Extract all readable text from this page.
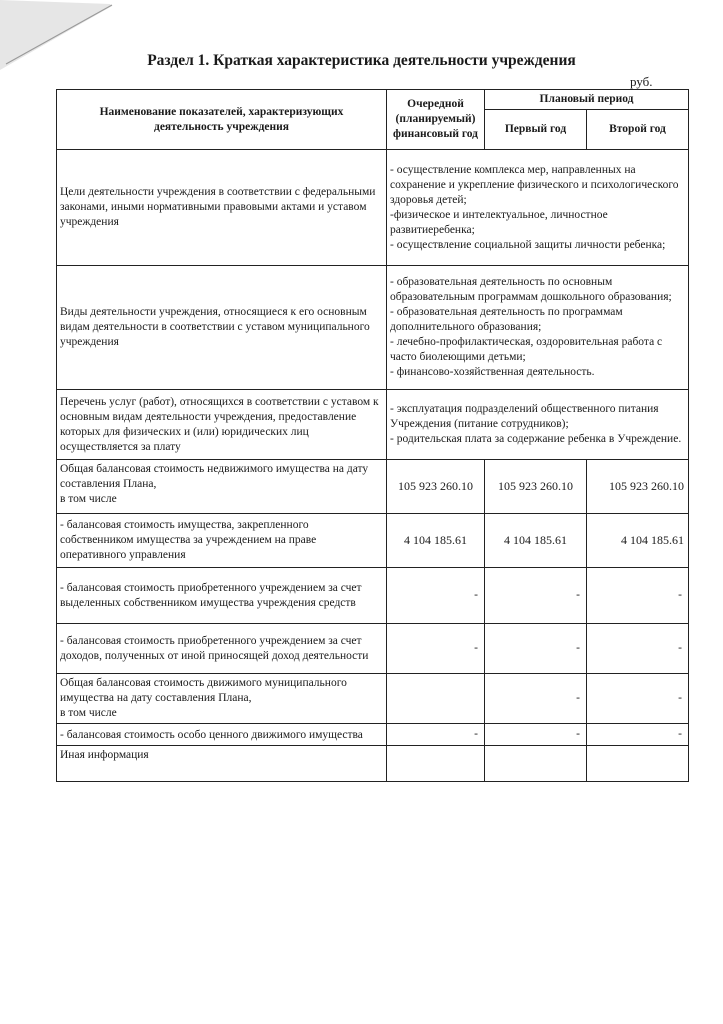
Раздел 1. Краткая характеристика деятельности учреждения
руб.
Наименование показателей, характеризующих деятельность учреждения	Очередной (планируемый) финансовый год	Плановый период	
		Первый год	Второй год
Цели деятельности учреждения в соответствии с федеральными законами, иными нормативными правовыми актами и уставом учреждения	- осуществление комплекса мер, направленных на сохранение и укрепление физического и психологического здоровья детей;
-физическое и интелектуальное, личностное развитиеребенка;
- осуществление социальной защиты личности ребенка;		

Виды деятельности учреждения, относящиеся к его основным видам деятельности в соответствии с уставом муниципального учреждения	- образовательная деятельность по основным образовательным программам дошкольного образования;
- образовательная деятельность по программам дополнительного образования;
- лечебно-профилактическая, оздоровительная работа с часто биолеющими детьми;
- финансово-хозяйственная деятельность.		

Перечень услуг (работ), относящихся в соответствии с уставом к основным видам деятельности учреждения, предоставление которых для физических и (или) юридических лиц осуществляется за плату	- эксплуатация подразделений общественного питания Учреждения (питание сотрудников);
- родительская плата за содержание ребенка в Учреждение.		

Общая балансовая стоимость недвижимого имущества на дату составления Плана,
в том числе	105 923 260.10	105 923 260.10	105 923 260.10
- балансовая стоимость имущества, закрепленного собственником имущества за учреждением на праве оперативного управления	4 104 185.61	4 104 185.61	4 104 185.61
- балансовая стоимость приобретенного учреждением за счет выделенных собственником имущества учреждения средств	-	-	-
- балансовая стоимость приобретенного учреждением за счет доходов, полученных от иной приносящей доход деятельности	-	-	-
Общая балансовая стоимость движимого муниципального имущества на дату составления Плана,
в том числе		-	-
- балансовая стоимость особо ценного движимого имущества	-	-	-
Иная информация			
